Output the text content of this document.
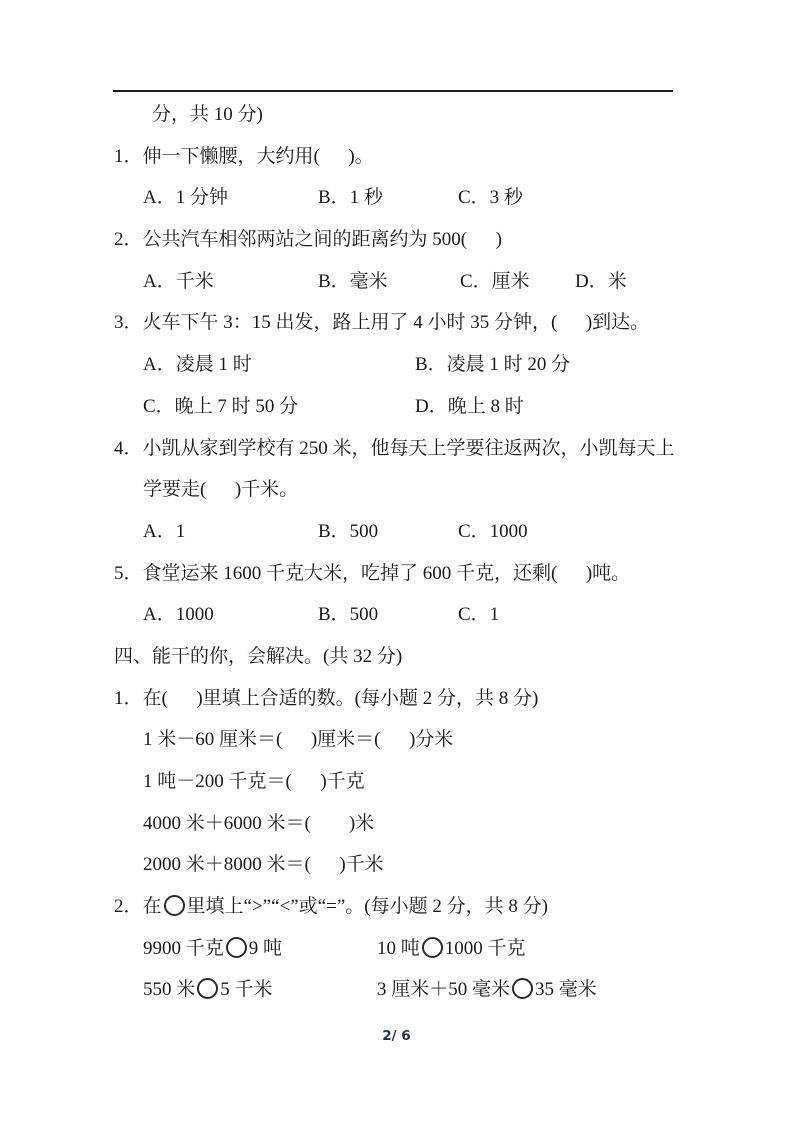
分，共 10 分)
1．伸一下懒腰，大约用(      )。
A．1 分钟	B．1 秒	C．3 秒
2．公共汽车相邻两站之间的距离约为 500(      )
A．千米	B．毫米	C．厘米 D．米
3．火车下午 3：15 出发，路上用了 4 小时 35 分钟，(      )到达。
A．凌晨 1 时	B．凌晨 1 时 20 分
C．晚上 7 时 50 分	D．晚上 8 时
4．小凯从家到学校有 250 米，他每天上学要往返两次，小凯每天上
学要走(      )千米。
A．1	B．500	C．1000
5．食堂运来 1600 千克大米，吃掉了 600 千克，还剩(      )吨。
A．1000	B．500	C．1
四、能干的你，会解决。(共 32 分)
1．在(      )里填上合适的数。(每小题 2 分，共 8 分)
1 米－60 厘米＝(      )厘米＝(      )分米
1 吨－200 千克＝(      )千克
4000 米＋6000 米＝(        )米
2000 米＋8000 米＝(      )千米
2．在 里填上“>”“<”或“=”。(每小题 2 分，共 8 分)
9900 千克 9 吨	10 吨 1000 千克
550 米 5 千米	3 厘米＋50 毫米 35 毫米
2/ 6
